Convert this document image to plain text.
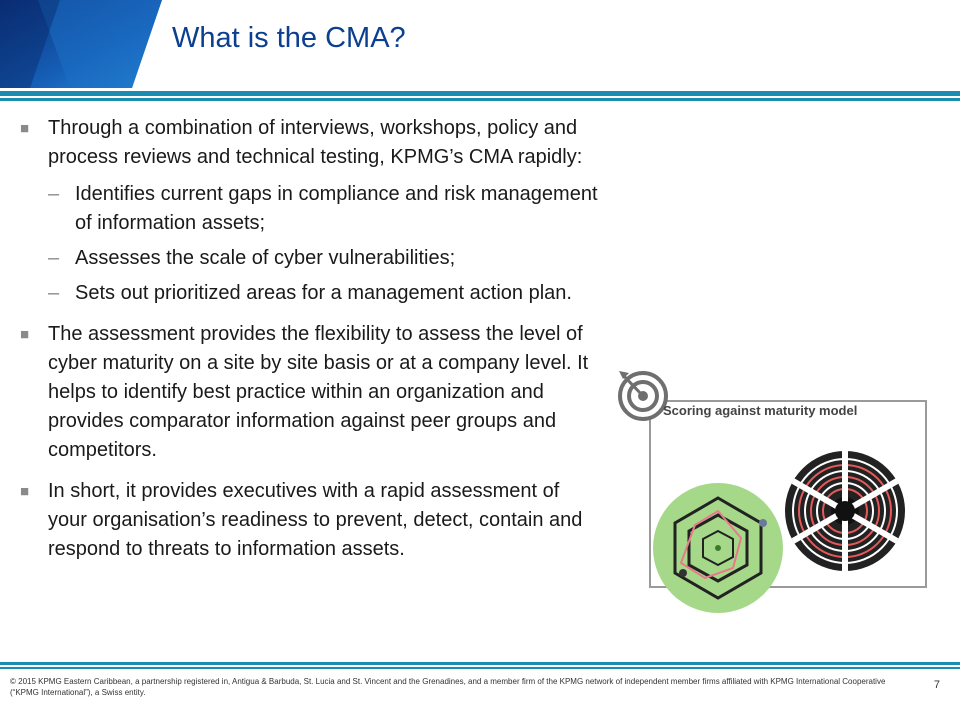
What is the CMA?
■ Through a combination of interviews, workshops, policy and process reviews and technical testing, KPMG’s CMA rapidly:
– Identifies current gaps in compliance and risk management of information assets;
– Assesses the scale of cyber vulnerabilities;
– Sets out prioritized areas for a management action plan.
■ The assessment provides the flexibility to assess the level of cyber maturity on a site by site basis or at a company level. It helps to identify best practice within an organization and provides comparator information against peer groups and competitors.
■ In short, it provides executives with a rapid assessment of your organisation’s readiness to prevent, detect, contain and respond to threats to information assets.
Scoring against maturity model
© 2015 KPMG Eastern Caribbean, a partnership registered in, Antigua & Barbuda, St. Lucia and St. Vincent and the Grenadines, and a member firm of the KPMG network of independent member firms affiliated with KPMG International Cooperative (“KPMG International”), a Swiss entity.
7
